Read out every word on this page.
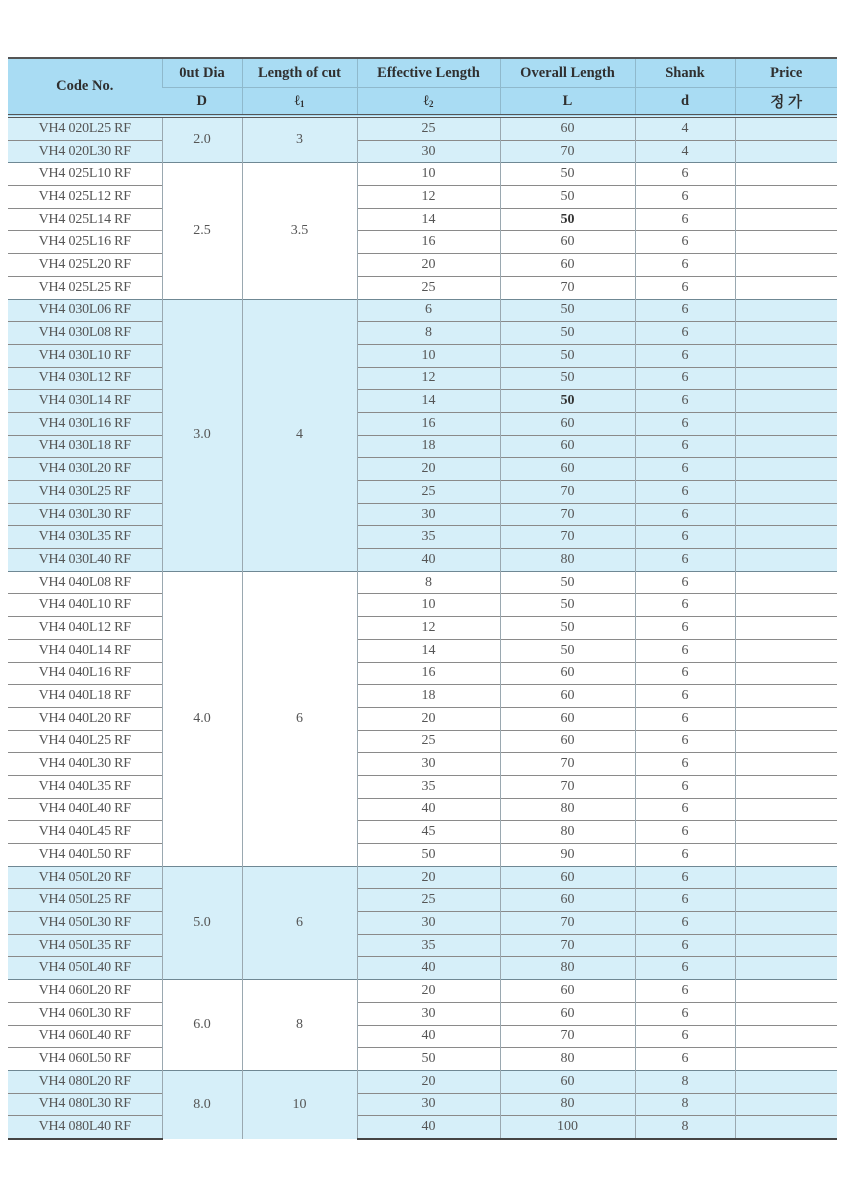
Code No.	0ut Dia	Length of cut	Effective Length	Overall Length	Shank	Price
	D	ℓ$_1$	ℓ$_2$	L	d	정 가
VH4 020L25 RF	2.0	3	25	60	4	
VH4 020L30 RF			30	70	4	
VH4 025L10 RF	2.5	3.5	10	50	6	
VH4 025L12 RF			12	50	6	
VH4 025L14 RF			14	50	6	
VH4 025L16 RF			16	60	6	
VH4 025L20 RF			20	60	6	
VH4 025L25 RF			25	70	6	
VH4 030L06 RF	3.0	4	6	50	6	
VH4 030L08 RF			8	50	6	
VH4 030L10 RF			10	50	6	
VH4 030L12 RF			12	50	6	
VH4 030L14 RF			14	50	6	
VH4 030L16 RF			16	60	6	
VH4 030L18 RF			18	60	6	
VH4 030L20 RF			20	60	6	
VH4 030L25 RF			25	70	6	
VH4 030L30 RF			30	70	6	
VH4 030L35 RF			35	70	6	
VH4 030L40 RF			40	80	6	
VH4 040L08 RF	4.0	6	8	50	6	
VH4 040L10 RF			10	50	6	
VH4 040L12 RF			12	50	6	
VH4 040L14 RF			14	50	6	
VH4 040L16 RF			16	60	6	
VH4 040L18 RF			18	60	6	
VH4 040L20 RF			20	60	6	
VH4 040L25 RF			25	60	6	
VH4 040L30 RF			30	70	6	
VH4 040L35 RF			35	70	6	
VH4 040L40 RF			40	80	6	
VH4 040L45 RF			45	80	6	
VH4 040L50 RF			50	90	6	
VH4 050L20 RF	5.0	6	20	60	6	
VH4 050L25 RF			25	60	6	
VH4 050L30 RF			30	70	6	
VH4 050L35 RF			35	70	6	
VH4 050L40 RF			40	80	6	
VH4 060L20 RF	6.0	8	20	60	6	
VH4 060L30 RF			30	60	6	
VH4 060L40 RF			40	70	6	
VH4 060L50 RF			50	80	6	
VH4 080L20 RF	8.0	10	20	60	8	
VH4 080L30 RF			30	80	8	
VH4 080L40 RF			40	100	8	
